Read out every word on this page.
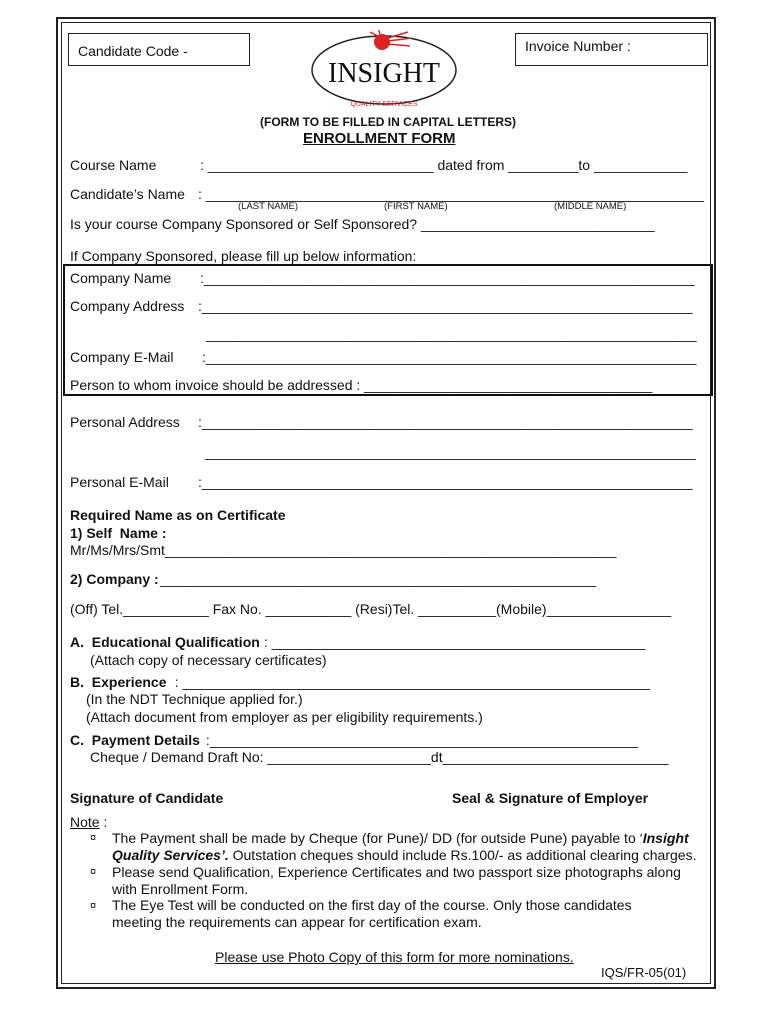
Candidate Code -	Invoice Number :
INSIGHT
QUALITY SERVICES
(FORM TO BE FILLED IN CAPITAL LETTERS)
ENROLLMENT FORM
Course Name	: _____________________________ dated from _________to ____________
Candidate’s Name : ________________________________________________________________
(LAST NAME)	(FIRST NAME)	(MIDDLE NAME)
Is your course Company Sponsored or Self Sponsored? ______________________________
If Company Sponsored, please fill up below information:
Company Name :_______________________________________________________________
Company Address :_______________________________________________________________
_______________________________________________________________
Company E-Mail :_______________________________________________________________
Person to whom invoice should be addressed : _____________________________________
Personal Address :_______________________________________________________________
_______________________________________________________________
Personal E-Mail :_______________________________________________________________
Required Name as on Certificate
1) Self  Name :
Mr/Ms/Mrs/Smt__________________________________________________________
2) Company : ________________________________________________________
(Off) Tel.___________ Fax No. ___________ (Resi)Tel. __________(Mobile)________________
A.  Educational Qualification : ________________________________________________
(Attach copy of necessary certificates)
B.  Experience : ____________________________________________________________
(In the NDT Technique applied for.)
(Attach document from employer as per eligibility requirements.)
C.  Payment Details :_______________________________________________________
Cheque / Demand Draft No: _____________________dt_____________________________
Signature of Candidate	Seal & Signature of Employer
Note :
¤ The Payment shall be made by Cheque (for Pune)/ DD (for outside Pune) payable to ‘Insight
Quality Services’. Outstation cheques should include Rs.100/- as additional clearing charges.
¤ Please send Qualification, Experience Certificates and two passport size photographs along
with Enrollment Form.
¤ The Eye Test will be conducted on the first day of the course. Only those candidates
meeting the requirements can appear for certification exam.
Please use Photo Copy of this form for more nominations.
IQS/FR-05(01)
